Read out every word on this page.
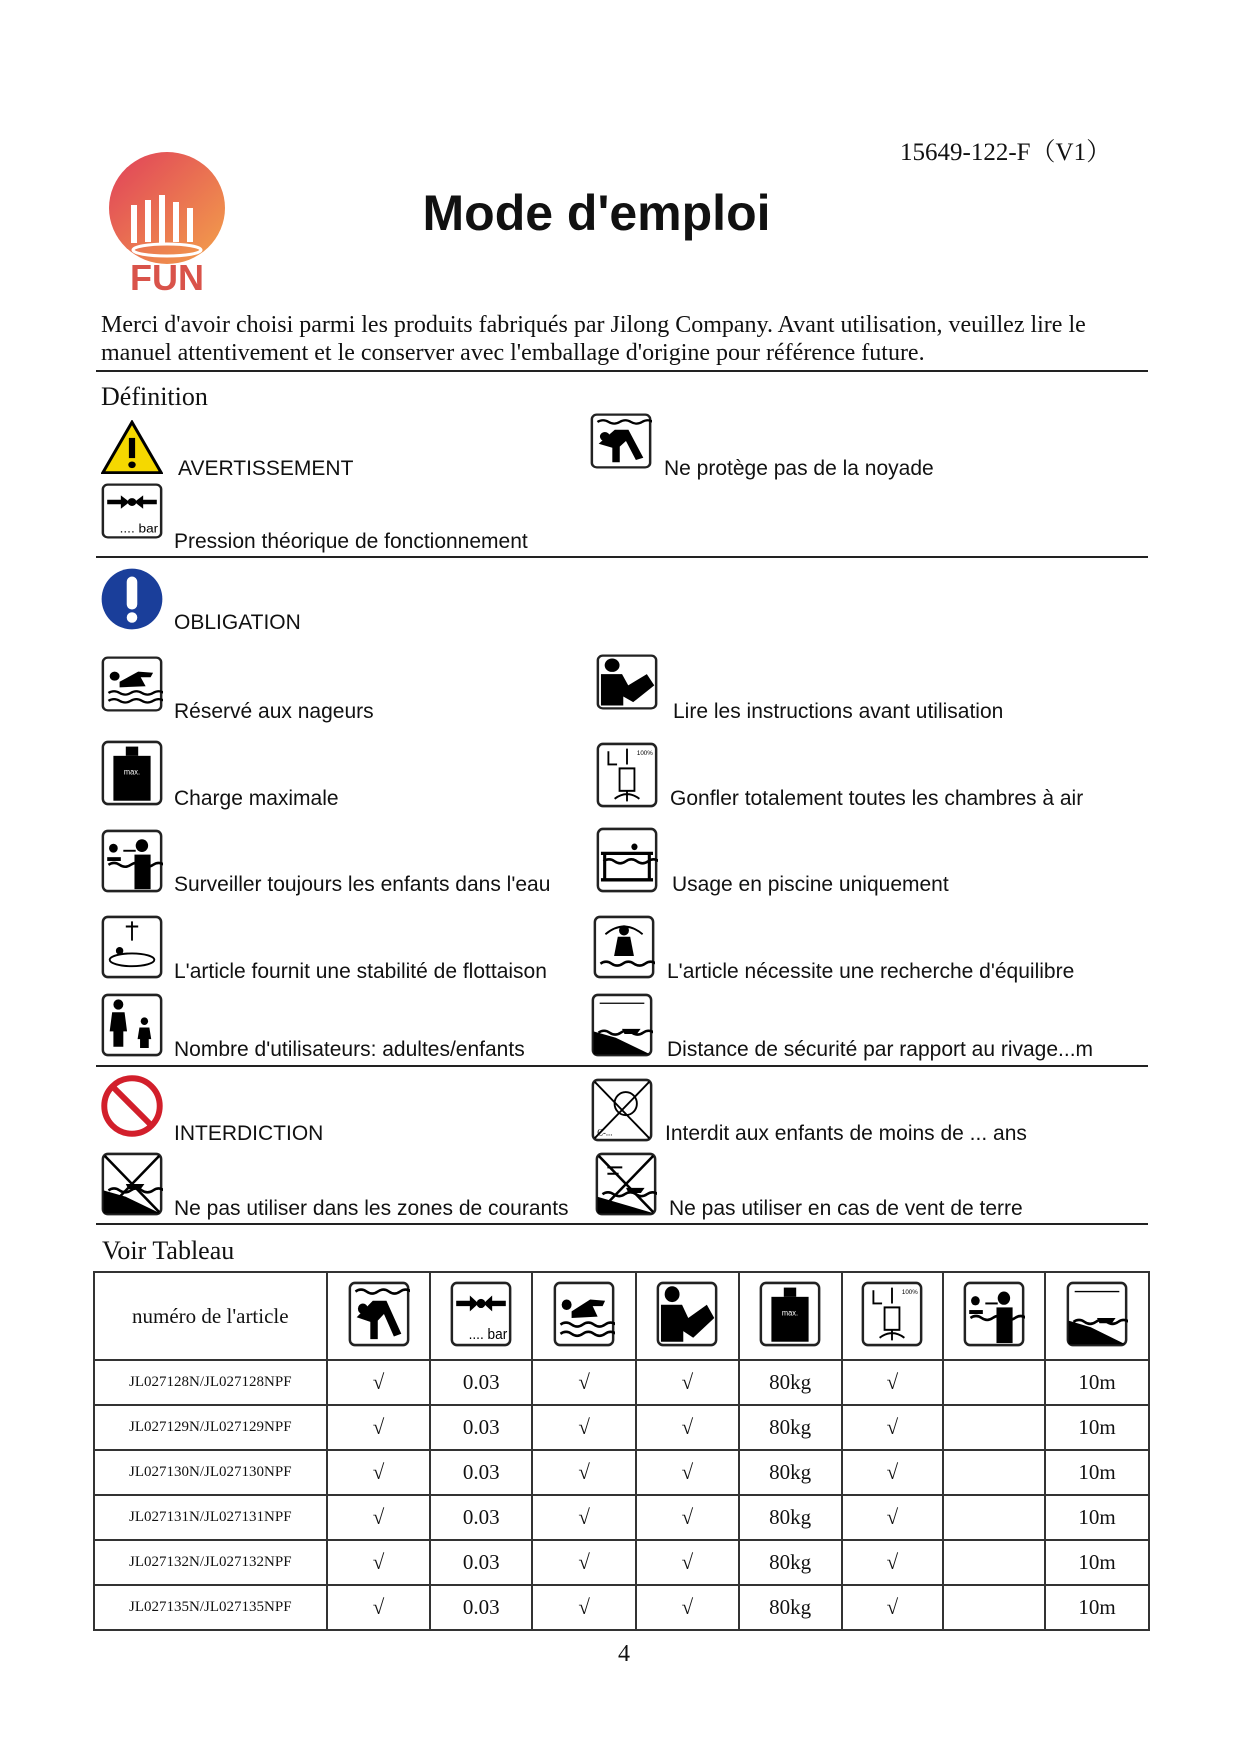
15649-122-F（V1）
FUN
Mode d'emploi
Merci d'avoir choisi parmi les produits fabriqués par Jilong Company. Avant utilisation, veuillez lire le
manuel attentivement et le conserver avec l'emballage d'origine pour référence future.
Définition
AVERTISSEMENT	Ne protège pas de la noyade
.... bar
Pression théorique de fonctionnement
OBLIGATION
Réservé aux nageurs	Lire les instructions avant utilisation
max.
Charge maximale
100%
Gonfler totalement toutes les chambres à air
Surveiller toujours les enfants dans l'eau	Usage en piscine uniquement
L'article fournit une stabilité de flottaison	L'article nécessite une recherche d'équilibre
Nombre d'utilisateurs: adultes/enfants	Distance de sécurité par rapport au rivage...m
INTERDICTION	C-...	Interdit aux enfants de moins de ... ans
Ne pas utiliser dans les zones de courants	Ne pas utiliser en cas de vent de terre
Voir Tableau
numéro de l'article		.... bar			max.	100%

JL027128N/JL027128NPF	√	0.03	√	√	80kg	√		10m
JL027129N/JL027129NPF	√	0.03	√	√	80kg	√		10m
JL027130N/JL027130NPF	√	0.03	√	√	80kg	√		10m
JL027131N/JL027131NPF	√	0.03	√	√	80kg	√		10m
JL027132N/JL027132NPF	√	0.03	√	√	80kg	√		10m
JL027135N/JL027135NPF	√	0.03	√	√	80kg	√		10m
4
